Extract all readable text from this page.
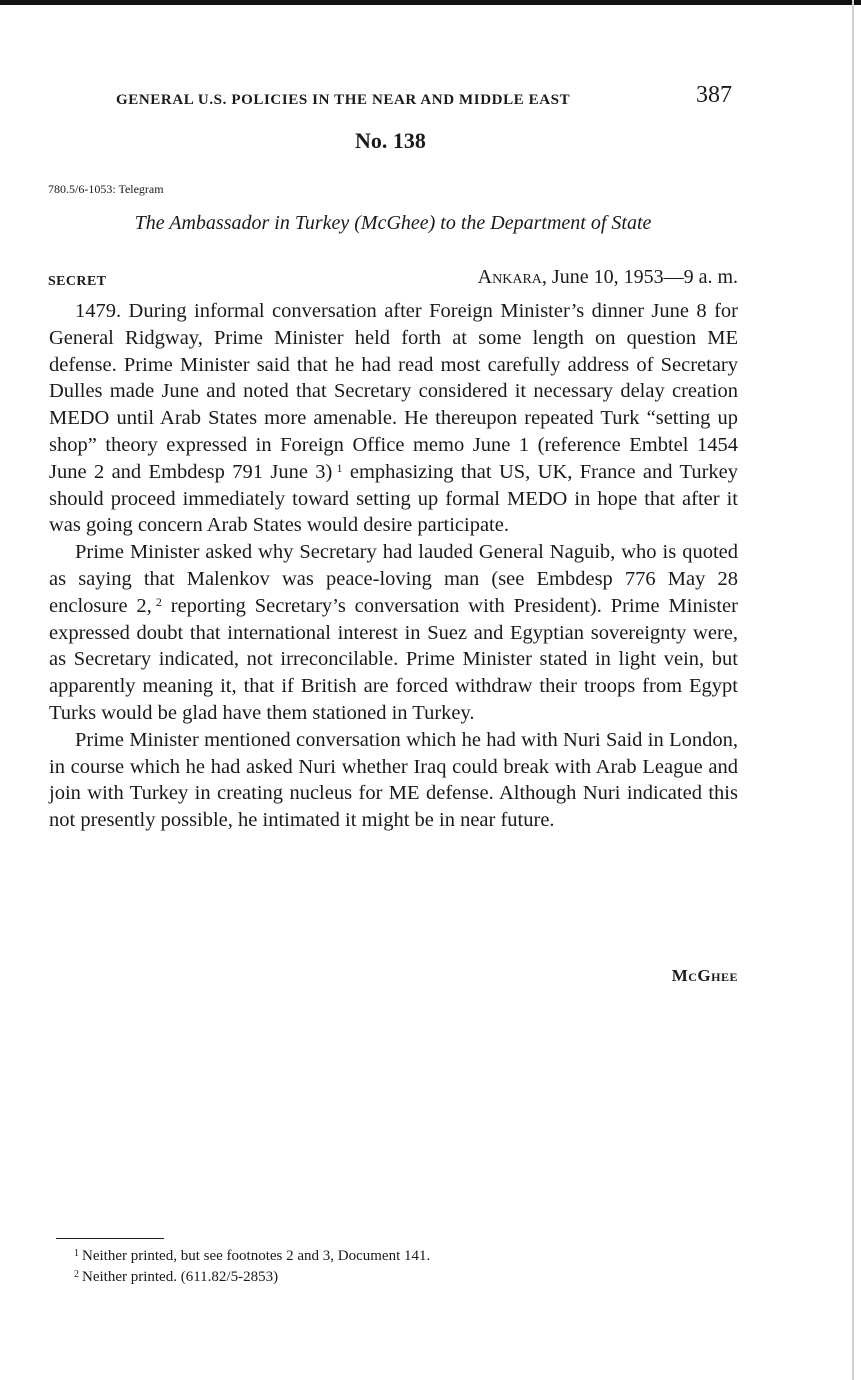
GENERAL U.S. POLICIES IN THE NEAR AND MIDDLE EAST	387
No. 138
780.5/6-1053: Telegram
The Ambassador in Turkey (McGhee) to the Department of State
SECRET	Ankara, June 10, 1953—9 a. m.

1479. During informal conversation after Foreign Minister’s dinner June 8 for General Ridgway, Prime Minister held forth at some length on question ME defense. Prime Minister said that he had read most carefully address of Secretary Dulles made June and noted that Secretary considered it necessary delay creation MEDO until Arab States more amenable. He thereupon repeated Turk “setting up shop” theory expressed in Foreign Office memo June 1 (reference Embtel 1454 June 2 and Embdesp 791 June 3)  $^1$ emphasizing that US, UK, France and Turkey should proceed immediately toward setting up formal MEDO in hope that after it was going concern Arab States would desire participate.

Prime Minister asked why Secretary had lauded General Naguib, who is quoted as saying that Malenkov was peace-loving man (see Embdesp 776 May 28 enclosure 2,  $^2$ reporting Secretary’s conversation with President). Prime Minister expressed doubt that international interest in Suez and Egyptian sovereignty were, as Secretary indicated, not irreconcilable. Prime Minister stated in light vein, but apparently meaning it, that if British are forced withdraw their troops from Egypt Turks would be glad have them stationed in Turkey.

Prime Minister mentioned conversation which he had with Nuri Said in London, in course which he had asked Nuri whether Iraq could break with Arab League and join with Turkey in creating nucleus for ME defense. Although Nuri indicated this not presently possible, he intimated it might be in near future.

McGhee
$^1$ Neither printed, but see footnotes 2 and 3, Document 141.
$^2$ Neither printed. (611.82/5-2853)
